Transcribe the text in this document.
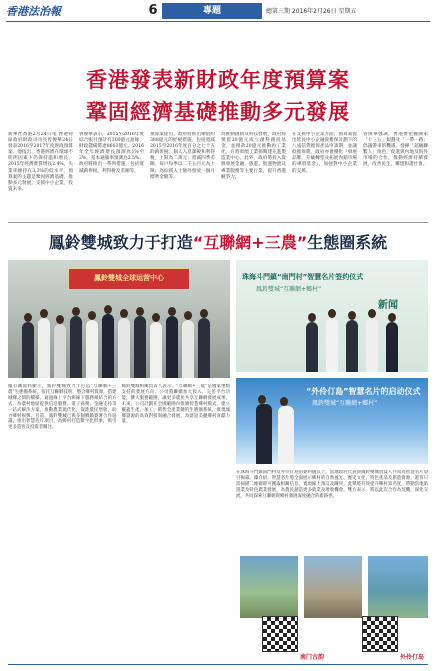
香港法治報	6	專題	總第三期 2016年2月26日 星期五
香港發表新財政年度預算案
鞏固經濟基礎推動多元發展
新華社香港2月24日電 香港特區政府財政司司長曾俊華24日發表2016至2017年度財政預算案。他指出，香港經濟在環球不明朗因素下仍保持溫和增長，2015年經濟實質增長2.4%，失業率維持在3.3%的低水平。預算案的主題是鞏固經濟基礎，推動多元發展，支援中小企業，投資未來。
曾俊華表示，2015至2016年度綜合賬目預計有300億元盈餘，財政儲備將達8603億元。2016年全年經濟增長預測為1%至2%，基本通脹率預測為2.5%。政府將推出一系列措施，包括寬減薪俸稅、利得稅及差餉等。
預算案提出，政府將推出總值約388億元的紓緩措施，包括寬減2015至2016年度百分之七十五的薪俸稅、個人入息課稅和利得稅，上限為二萬元；寬減四季差餉，每戶每季以二千五百元為上限；為綜援人士額外發放一個月標準金額等。
為推動創新及科技發展，政府將預留20億元成立創科創投基金，並撥款20億元推動再工業化，在將軍澳工業邨興建先進製造業中心。此外，政府將投入資源發展金融、旅遊、航運物流及專業服務等主要行業，提升香港競爭力。
在支援中小企業方面，預算案提出延長中小企融資擔保計劃下的八成信貸擔保產品申請期，並調低擔保費。政府亦會優化「發展品牌、升級轉型及拓展內銷市場的專項基金」，加強對中小企業的支援。
曾俊華強調，香港要把握國家「十三五」規劃及「一帶一路」倡議帶來的機遇，發揮「超級聯繫人」角色，促進與內地及海外市場的合作，推動經濟持續發展，改善民生，構建和諧社會。
鳳鈴雙城致力于打造“互聯網+三農”生態圈系統
鳳鈴雙城全球运营中心	珠海斗門鎮“南門村”智慧名片签约仪式
鳳鈴雙城“互聯網+鄉村”
新闻
據有關資料顯示，鳳鈴雙城致力于打造“互聯網+三農”生態圈系統，依托互聯網技術，整合鄉村資源，搭建城鄉之間的橋樑。通過線上平台與線下服務相結合的方式，為農村地區提供信息服務、電子商務、金融支持等一站式解決方案，推動農業現代化，促進農民增收，助力鄉村振興。目前，鳳鈴雙城已與多個鄉鎮簽署合作協議，推出智慧名片項目，為鄉村打造數字化形象，吸引更多遊客及投資者關注。
鳳鈴雙城相關負責人表示，“互聯網+三農”是國家重點支持的發展方向，公司將繼續加大投入，完善平台功能，擴大服務範圍，讓更多農民共享互聯網發展成果。未來，公司計劃在全國範圍內推廣智慧鄉村模式，建立覆蓋生產、加工、銷售全產業鏈的生態圈系統，實現城鄉資源的高效對接與融合發展，為建設美麗鄉村貢獻力量。
“外伶仃島”智慧名片的启动仪式
鳳鈴雙城“互聯網+鄉村”
在珠海斗門鎮南門村及外伶仃島的簽約儀式上，當地政府代表與鳳鈴雙城負責人共同為智慧名片項目揭幕。據介紹，智慧名片將全面展示鄉村的自然風光、歷史文化、特色產品及旅遊資源，遊客只需掃描二維碼即可獲取相關信息，實現線上預訂及購買。此舉將有效提升鄉村知名度，帶動當地旅遊業及特色農業發展，為農民創造更多就業及增收機會。雙方表示，將以此次合作為契機，深化交流，共同探索互聯網與鄉村發展深度融合的新路徑。
南门古韵	外伶仃岛
